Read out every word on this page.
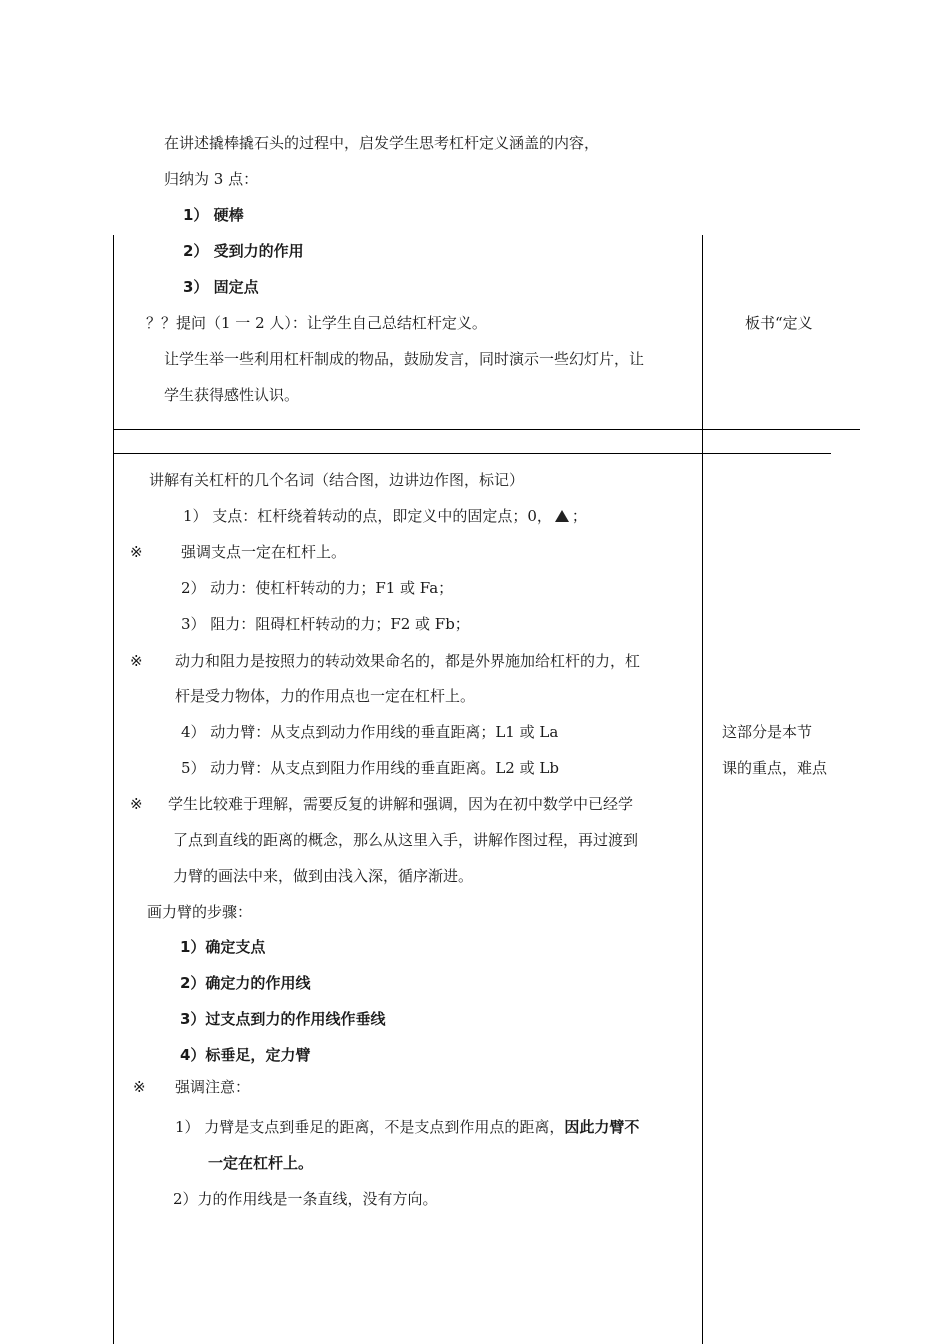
在讲述撬棒撬石头的过程中，启发学生思考杠杆定义涵盖的内容，
归纳为 3 点：
1） 硬棒
2） 受到力的作用
3） 固定点
？？提问（1 一 2 人）：让学生自己总结杠杆定义。	板书“定义
让学生举一些利用杠杆制成的物品，鼓励发言，同时演示一些幻灯片，让
学生获得感性认识。
讲解有关杠杆的几个名词（结合图，边讲边作图，标记）
1） 支点：杠杆绕着转动的点，即定义中的固定点；0， ；
※	强调支点一定在杠杆上。
2） 动力：使杠杆转动的力；F1 或 Fa；
3） 阻力：阻碍杠杆转动的力；F2 或 Fb；
※ 动力和阻力是按照力的转动效果命名的，都是外界施加给杠杆的力，杠
杆是受力物体，力的作用点也一定在杠杆上。
4） 动力臂：从支点到动力作用线的垂直距离；L1 或 La	这部分是本节
5） 动力臂：从支点到阻力作用线的垂直距离。L2 或 Lb	课的重点，难点
※ 学生比较难于理解，需要反复的讲解和强调，因为在初中数学中已经学
了点到直线的距离的概念，那么从这里入手，讲解作图过程，再过渡到
力臂的画法中来，做到由浅入深，循序渐进。
画力臂的步骤：
1）确定支点
2）确定力的作用线
3）过支点到力的作用线作垂线
4）标垂足，定力臂
※ 强调注意：
1） 力臂是支点到垂足的距离，不是支点到作用点的距离，因此力臂不
一定在杠杆上。
2）力的作用线是一条直线，没有方向。
